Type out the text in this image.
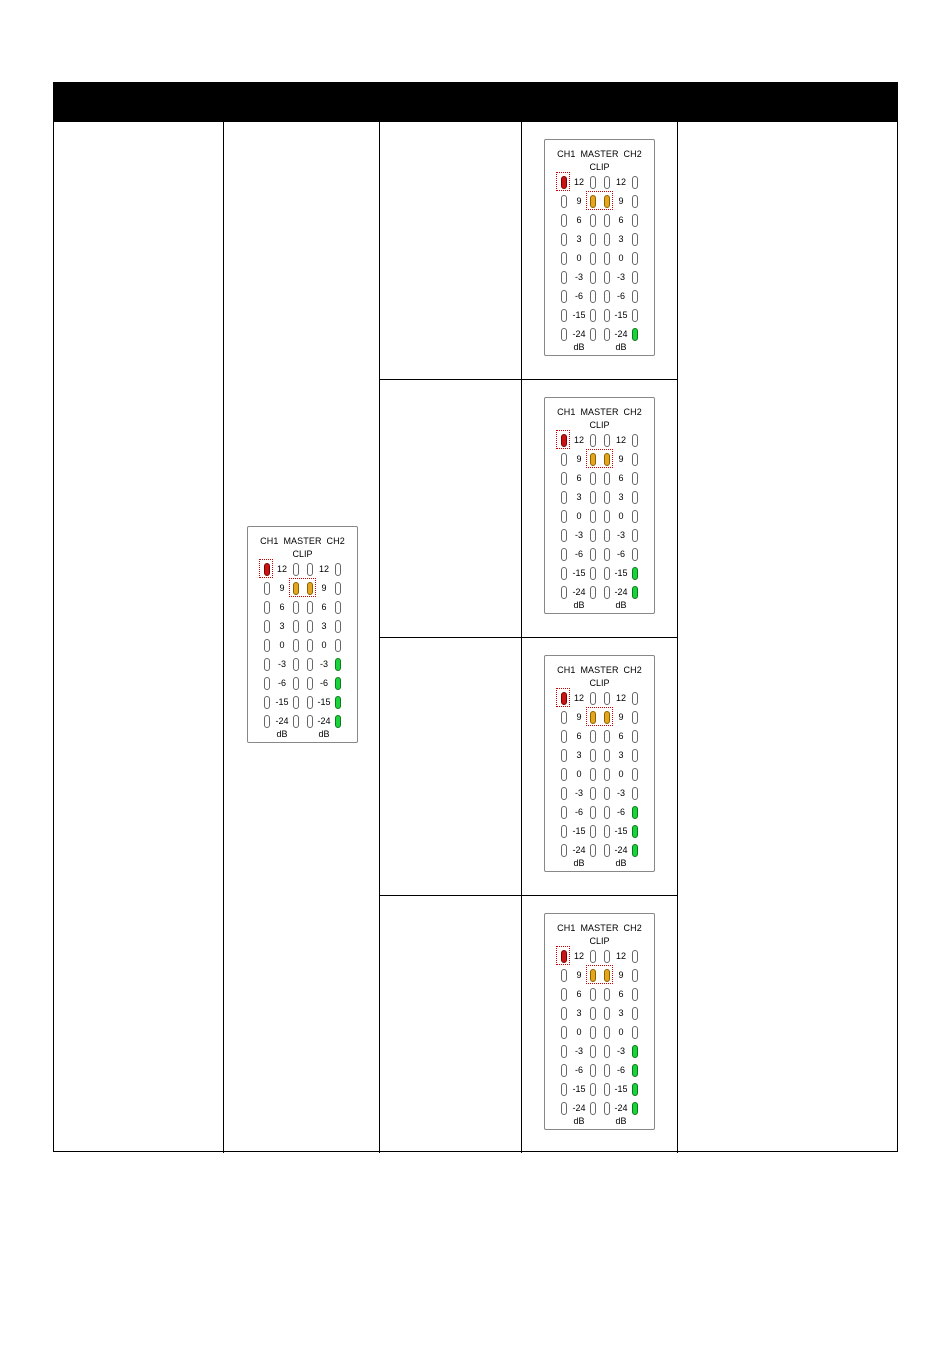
CH1 MASTER CH2
CLIP
12	12
9	9
6	6
3	3
0	0
-3	-3
-6	-6
-15	-15
-24	-24
dB	dB
CH1 MASTER CH2
CLIP
12	12
9	9
6	6
3	3
0	0
-3	-3
-6	-6
-15	-15
-24	-24
dB	dB
CH1 MASTER CH2
CLIP
12	12
9	9
6	6
3	3
0	0
-3	-3
-6	-6
-15	-15
-24	-24
dB	dB
CH1 MASTER CH2
CLIP
12	12
9	9
6	6
3	3
0	0
-3	-3
-6	-6
-15	-15
-24	-24
dB	dB
CH1 MASTER CH2
CLIP
12	12
9	9
6	6
3	3
0	0
-3	-3
-6	-6
-15	-15
-24	-24
dB	dB
